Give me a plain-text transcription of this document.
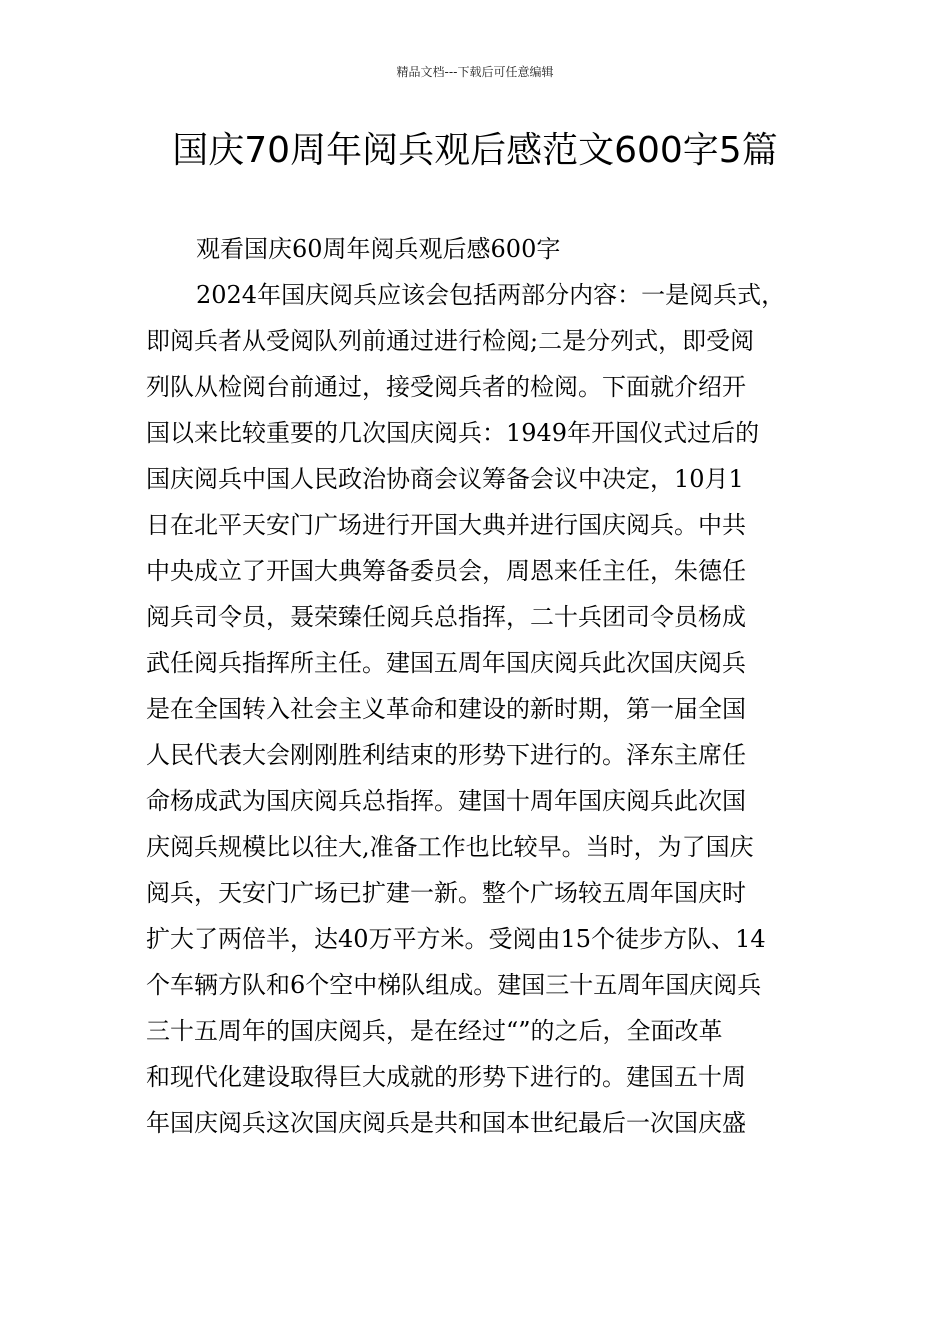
精品文档---下载后可任意编辑
国庆70周年阅兵观后感范文600字5篇

观看国庆60周年阅兵观后感600字

2024年国庆阅兵应该会包括两部分内容：一是阅兵式，

即阅兵者从受阅队列前通过进行检阅;二是分列式，即受阅

列队从检阅台前通过，接受阅兵者的检阅。下面就介绍开

国以来比较重要的几次国庆阅兵：1949年开国仪式过后的

国庆阅兵中国人民政治协商会议筹备会议中决定，10月1

日在北平天安门广场进行开国大典并进行国庆阅兵。中共

中央成立了开国大典筹备委员会，周恩来任主任，朱德任

阅兵司令员，聂荣臻任阅兵总指挥，二十兵团司令员杨成

武任阅兵指挥所主任。建国五周年国庆阅兵此次国庆阅兵

是在全国转入社会主义革命和建设的新时期，第一届全国

人民代表大会刚刚胜利结束的形势下进行的。泽东主席任

命杨成武为国庆阅兵总指挥。建国十周年国庆阅兵此次国

庆阅兵规模比以往大,准备工作也比较早。当时，为了国庆

阅兵，天安门广场已扩建一新。整个广场较五周年国庆时

扩大了两倍半，达40万平方米。受阅由15个徒步方队、14

个车辆方队和6个空中梯队组成。建国三十五周年国庆阅兵

三十五周年的国庆阅兵，是在经过“”的之后，全面改革

和现代化建设取得巨大成就的形势下进行的。建国五十周

年国庆阅兵这次国庆阅兵是共和国本世纪最后一次国庆盛
